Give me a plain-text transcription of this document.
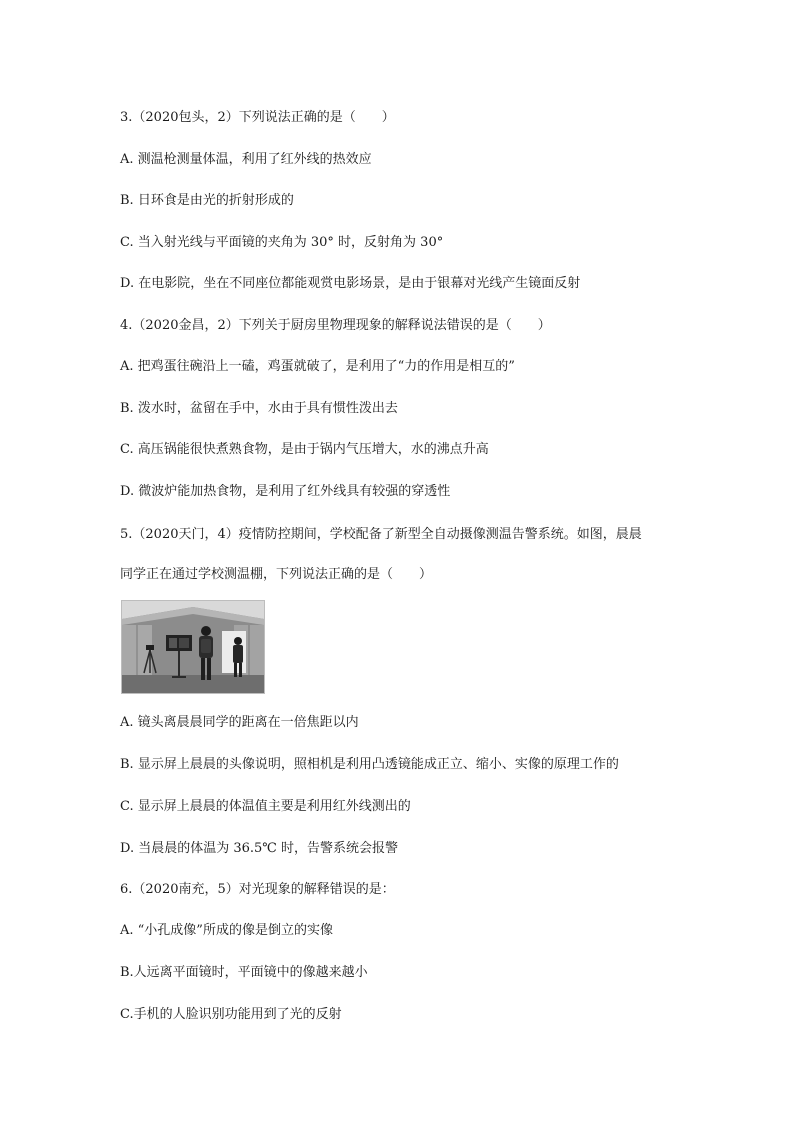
3.（2020包头，2）下列说法正确的是（　　）
A. 测温枪测量体温，利用了红外线的热效应
B. 日环食是由光的折射形成的
C. 当入射光线与平面镜的夹角为 30° 时，反射角为 30°
D. 在电影院，坐在不同座位都能观赏电影场景，是由于银幕对光线产生镜面反射
4.（2020金昌，2）下列关于厨房里物理现象的解释说法错误的是（　　）
A. 把鸡蛋往碗沿上一磕，鸡蛋就破了，是利用了“力的作用是相互的”
B. 泼水时，盆留在手中，水由于具有惯性泼出去
C. 高压锅能很快煮熟食物，是由于锅内气压增大，水的沸点升高
D. 微波炉能加热食物，是利用了红外线具有较强的穿透性
5.（2020天门，4）疫情防控期间，学校配备了新型全自动摄像测温告警系统。如图，晨晨
同学正在通过学校测温棚，下列说法正确的是（　　）
A. 镜头离晨晨同学的距离在一倍焦距以内
B. 显示屏上晨晨的头像说明，照相机是利用凸透镜能成正立、缩小、实像的原理工作的
C. 显示屏上晨晨的体温值主要是利用红外线测出的
D. 当晨晨的体温为 36.5℃ 时，告警系统会报警
6.（2020南充，5）对光现象的解释错误的是：
A. “小孔成像”所成的像是倒立的实像
B.人远离平面镜时，平面镜中的像越来越小
C.手机的人脸识别功能用到了光的反射
